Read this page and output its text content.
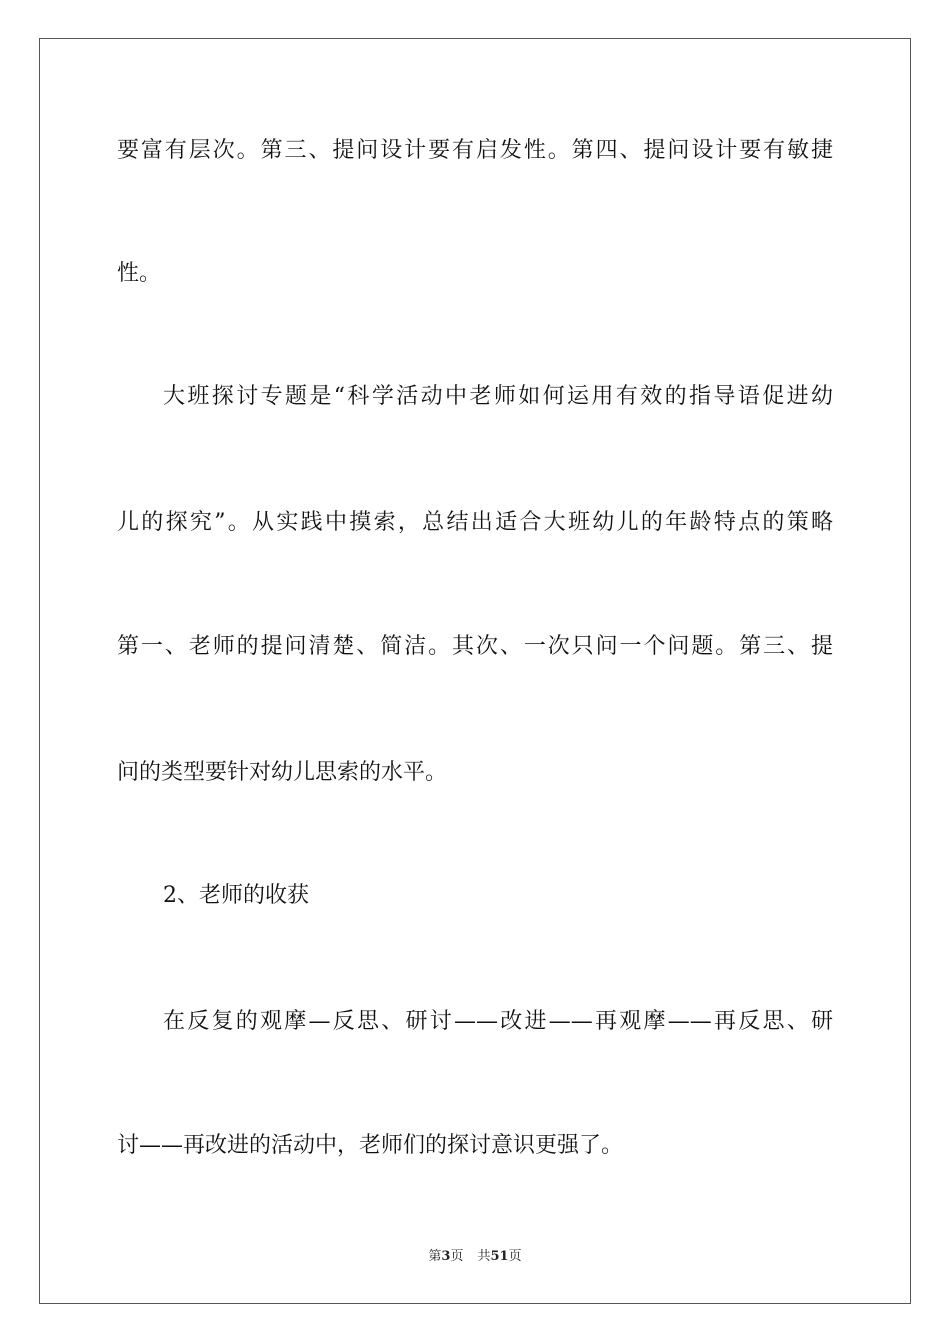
要富有层次。第三、提问设计要有启发性。第四、提问设计要有敏捷
性。
大班探讨专题是“科学活动中老师如何运用有效的指导语促进幼
儿的探究”。从实践中摸索，总结出适合大班幼儿的年龄特点的策略
第一、老师的提问清楚、简洁。其次、一次只问一个问题。第三、提
问的类型要针对幼儿思索的水平。
2、老师的收获
在反复的观摩—反思、研讨——改进——再观摩——再反思、研
讨——再改进的活动中，老师们的探讨意识更强了。
第3页 共51页
